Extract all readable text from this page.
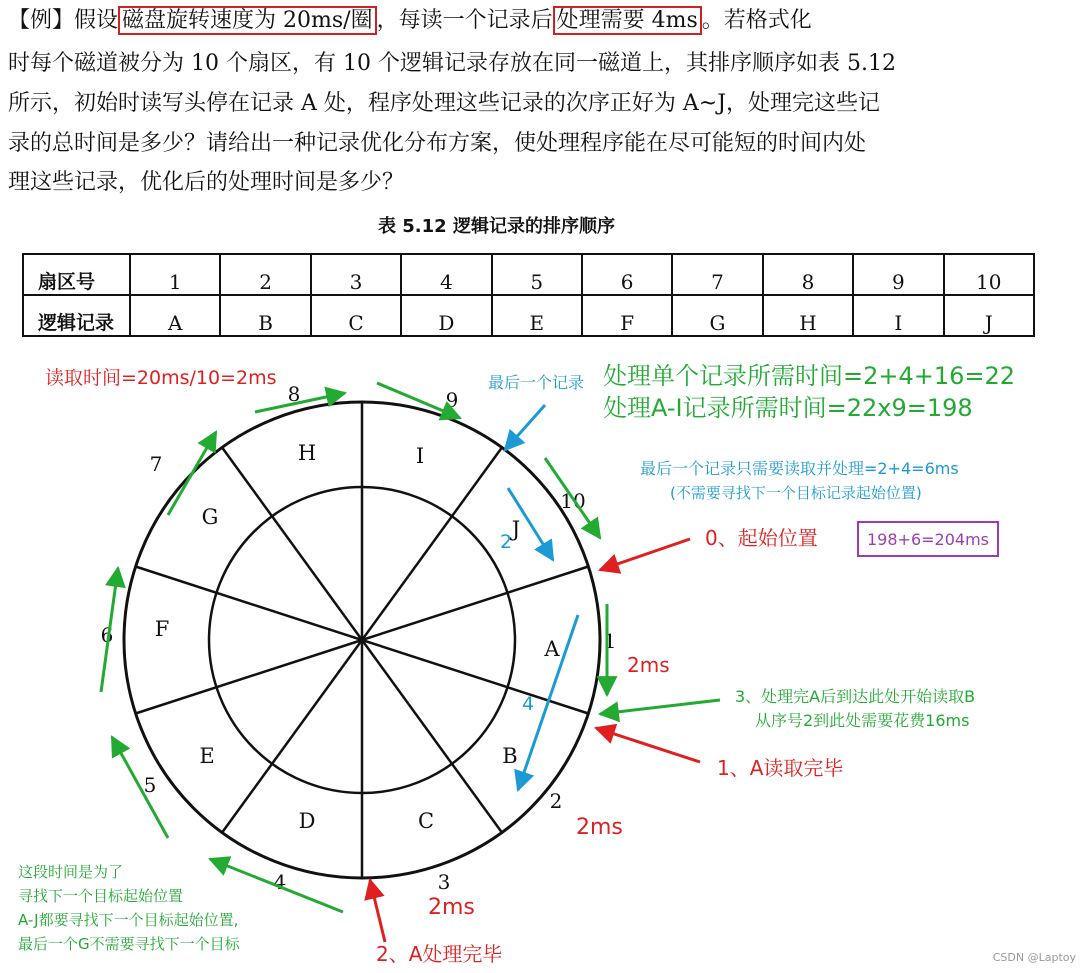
【例】假设 磁盘旋转速度为 20ms/圈 ，每读一个记录后 处理需要 4ms 。若格式化
时每个磁道被分为 10 个扇区，有 10 个逻辑记录存放在同一磁道上，其排序顺序如表 5.12
所示，初始时读写头停在记录 A 处，程序处理这些记录的次序正好为 A~J，处理完这些记
录的总时间是多少？请给出一种记录优化分布方案，使处理程序能在尽可能短的时间内处
理这些记录，优化后的处理时间是多少？
表 5.12 逻辑记录的排序顺序
扇区号	1	2	3	4	5	6	7	8	9	10
逻辑记录	A	B	C	D	E	F	G	H	I	J
A
B
C
D
E
F
G
H	I
J
1
2
3
4
5
6
7
8	9
10
读取时间=20ms/10=2ms	最后一个记录 处理单个记录所需时间=2+4+16=22
处理A-I记录所需时间=22x9=198
最后一个记录只需要读取并处理=2+4=6ms
(不需要寻找下一个目标记录起始位置)
0、起始位置	198+6=204ms
2
4
2ms
3、处理完A后到达此处开始读取B
从序号2到此处需要花费16ms
1、A读取完毕
2ms
2ms
2、A处理完毕
这段时间是为了
寻找下一个目标起始位置
A-J都要寻找下一个目标起始位置,
最后一个G不需要寻找下一个目标
CSDN @Laptoy
